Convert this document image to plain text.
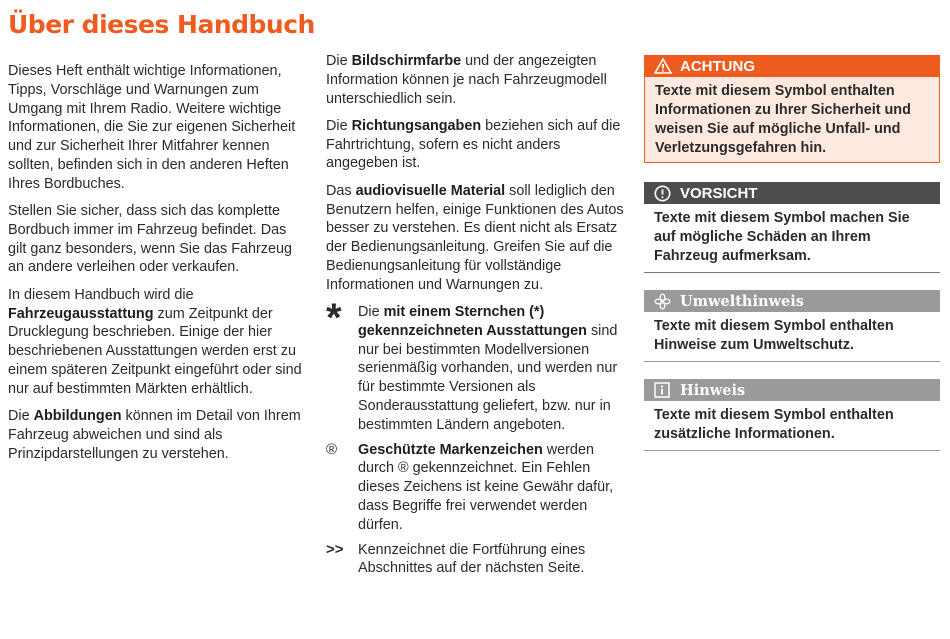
Über dieses Handbuch

Dieses Heft enthält wichtige Informationen, Tipps, Vorschläge und Warnungen zum Umgang mit Ihrem Radio. Weitere wichtige Informationen, die Sie zur eigenen Sicherheit und zur Sicherheit Ihrer Mitfahrer kennen sollten, befinden sich in den anderen Heften Ihres Bordbuches.

Stellen Sie sicher, dass sich das komplette Bordbuch immer im Fahrzeug befindet. Das gilt ganz besonders, wenn Sie das Fahrzeug an andere verleihen oder verkaufen.

In diesem Handbuch wird die Fahrzeugausstattung zum Zeitpunkt der Drucklegung beschrieben. Einige der hier beschriebenen Ausstattungen werden erst zu einem späteren Zeitpunkt eingeführt oder sind nur auf bestimmten Märkten erhältlich.

Die Abbildungen können im Detail von Ihrem Fahrzeug abweichen und sind als Prinzipdarstellungen zu verstehen.

Die Bildschirmfarbe und der angezeigten Information können je nach Fahrzeugmodell unterschiedlich sein.

Die Richtungsangaben beziehen sich auf die Fahrtrichtung, sofern es nicht anders angegeben ist.

Das audiovisuelle Material soll lediglich den Benutzern helfen, einige Funktionen des Autos besser zu verstehen. Es dient nicht als Ersatz der Bedienungsanleitung. Greifen Sie auf die Bedienungsanleitung für vollständige Informationen und Warnungen zu.

*	Die mit einem Sternchen (*) gekennzeichneten Ausstattungen sind nur bei bestimmten Modellversionen serienmäßig vorhanden, und werden nur für bestimmte Versionen als Sonderausstattung geliefert, bzw. nur in bestimmten Ländern angeboten.
®	Geschützte Markenzeichen werden durch ® gekennzeichnet. Ein Fehlen dieses Zeichens ist keine Gewähr dafür, dass Begriffe frei verwendet werden dürfen.
>>	Kennzeichnet die Fortführung eines Abschnittes auf der nächsten Seite.
ACHTUNG
Texte mit diesem Symbol enthalten Informationen zu Ihrer Sicherheit und weisen Sie auf mögliche Unfall- und Verletzungsgefahren hin.
VORSICHT
Texte mit diesem Symbol machen Sie auf mögliche Schäden an Ihrem Fahrzeug aufmerksam.
Umwelthinweis
Texte mit diesem Symbol enthalten Hinweise zum Umweltschutz.
Hinweis
Texte mit diesem Symbol enthalten zusätzliche Informationen.
